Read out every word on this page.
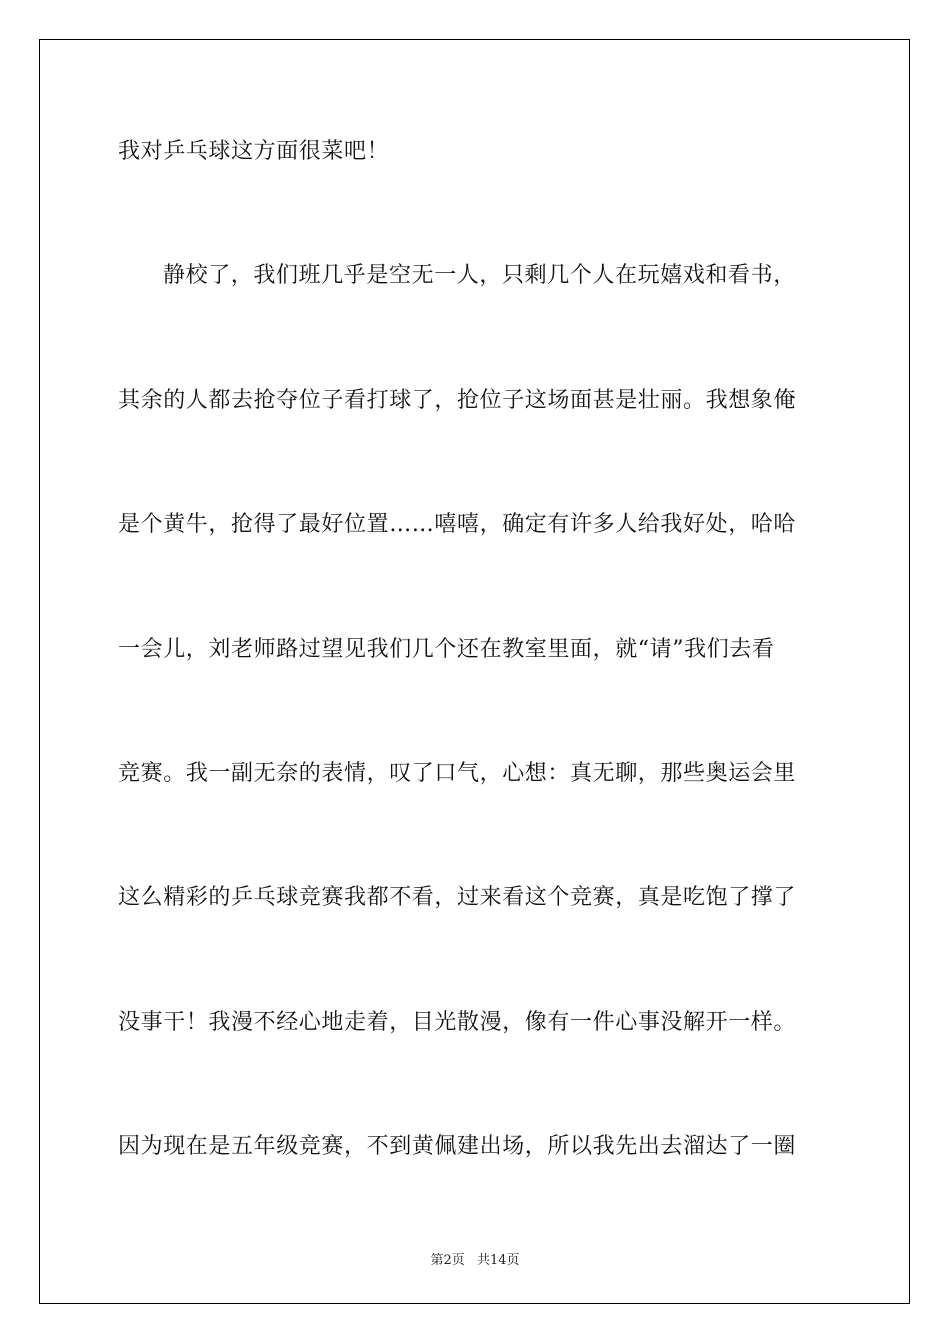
我对乒乓球这方面很菜吧！
静校了，我们班几乎是空无一人，只剩几个人在玩嬉戏和看书，
其余的人都去抢夺位子看打球了，抢位子这场面甚是壮丽。我想象俺
是个黄牛，抢得了最好位置……嘻嘻，确定有许多人给我好处，哈哈
一会儿，刘老师路过望见我们几个还在教室里面，就“请”我们去看
竞赛。我一副无奈的表情，叹了口气，心想：真无聊，那些奥运会里
这么精彩的乒乓球竞赛我都不看，过来看这个竞赛，真是吃饱了撑了
没事干！我漫不经心地走着，目光散漫，像有一件心事没解开一样。
因为现在是五年级竞赛，不到黄佩建出场，所以我先出去溜达了一圈
第2页 共14页
